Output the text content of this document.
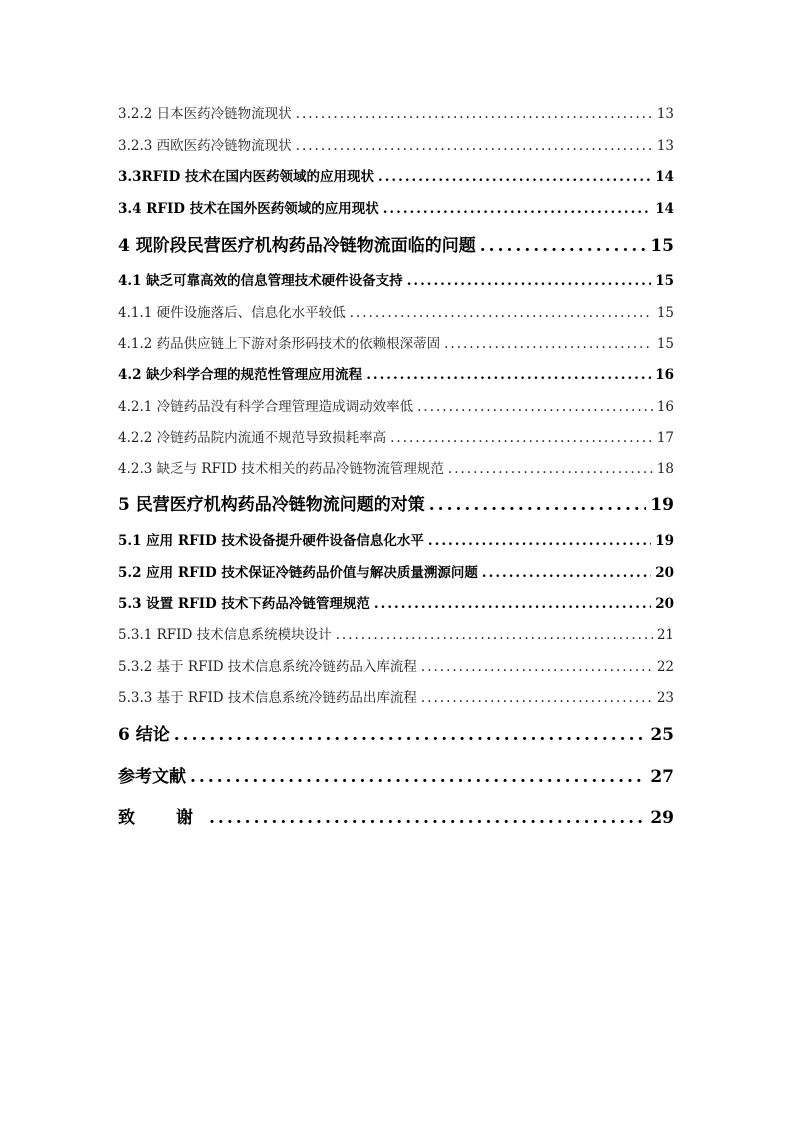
3.2.2 日本医药冷链物流现状 .....	13
3.2.3 西欧医药冷链物流现状 .....	13
3.3RFID 技术在国内医药领域的应用现状 .....	14
3.4 RFID 技术在国外医药领域的应用现状 .....	14
4 现阶段民营医疗机构药品冷链物流面临的问题 .....	15
4.1 缺乏可靠高效的信息管理技术硬件设备支持 .....	15
4.1.1 硬件设施落后、信息化水平较低 .....	15
4.1.2 药品供应链上下游对条形码技术的依赖根深蒂固 .....	15
4.2 缺少科学合理的规范性管理应用流程 .....	16
4.2.1 冷链药品没有科学合理管理造成调动效率低 .....	16
4.2.2 冷链药品院内流通不规范导致损耗率高 .....	17
4.2.3 缺乏与 RFID 技术相关的药品冷链物流管理规范 .....	18
5 民营医疗机构药品冷链物流问题的对策 .....	19
5.1 应用 RFID 技术设备提升硬件设备信息化水平 .....	19
5.2 应用 RFID 技术保证冷链药品价值与解决质量溯源问题 .....	20
5.3 设置 RFID 技术下药品冷链管理规范 .....	20
5.3.1 RFID 技术信息系统模块设计 .....	21
5.3.2 基于 RFID 技术信息系统冷链药品入库流程 .....	22
5.3.3 基于 RFID 技术信息系统冷链药品出库流程 .....	23
6 结论 .....	25
参考文献 .....	27
致　谢 .....	29
